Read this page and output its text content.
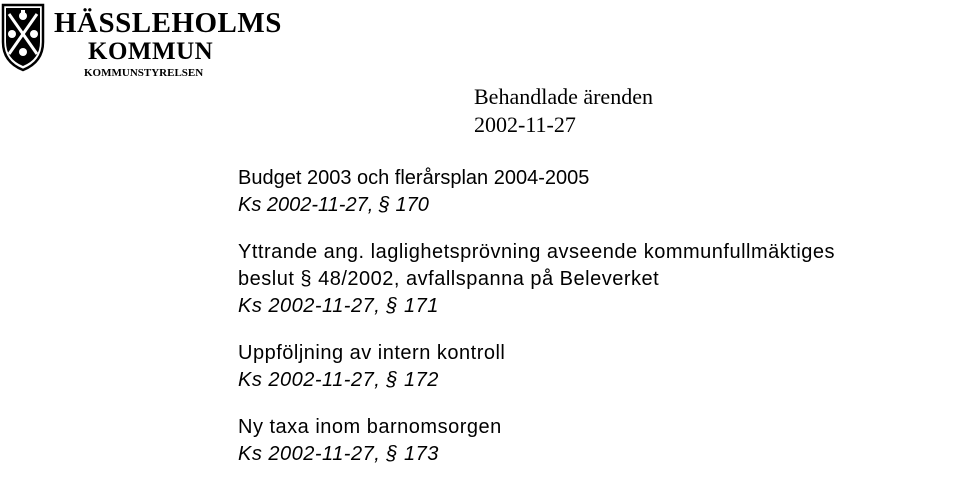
HÄSSLEHOLMS
KOMMUN
KOMMUNSTYRELSEN
Behandlade ärenden
2002-11-27
Budget 2003 och flerårsplan 2004-2005
Ks 2002-11-27, § 170
Yttrande ang. laglighetsprövning avseende kommunfullmäktiges
beslut § 48/2002, avfallspanna på Beleverket
Ks 2002-11-27, § 171
Uppföljning av intern kontroll
Ks 2002-11-27, § 172
Ny taxa inom barnomsorgen
Ks 2002-11-27, § 173
